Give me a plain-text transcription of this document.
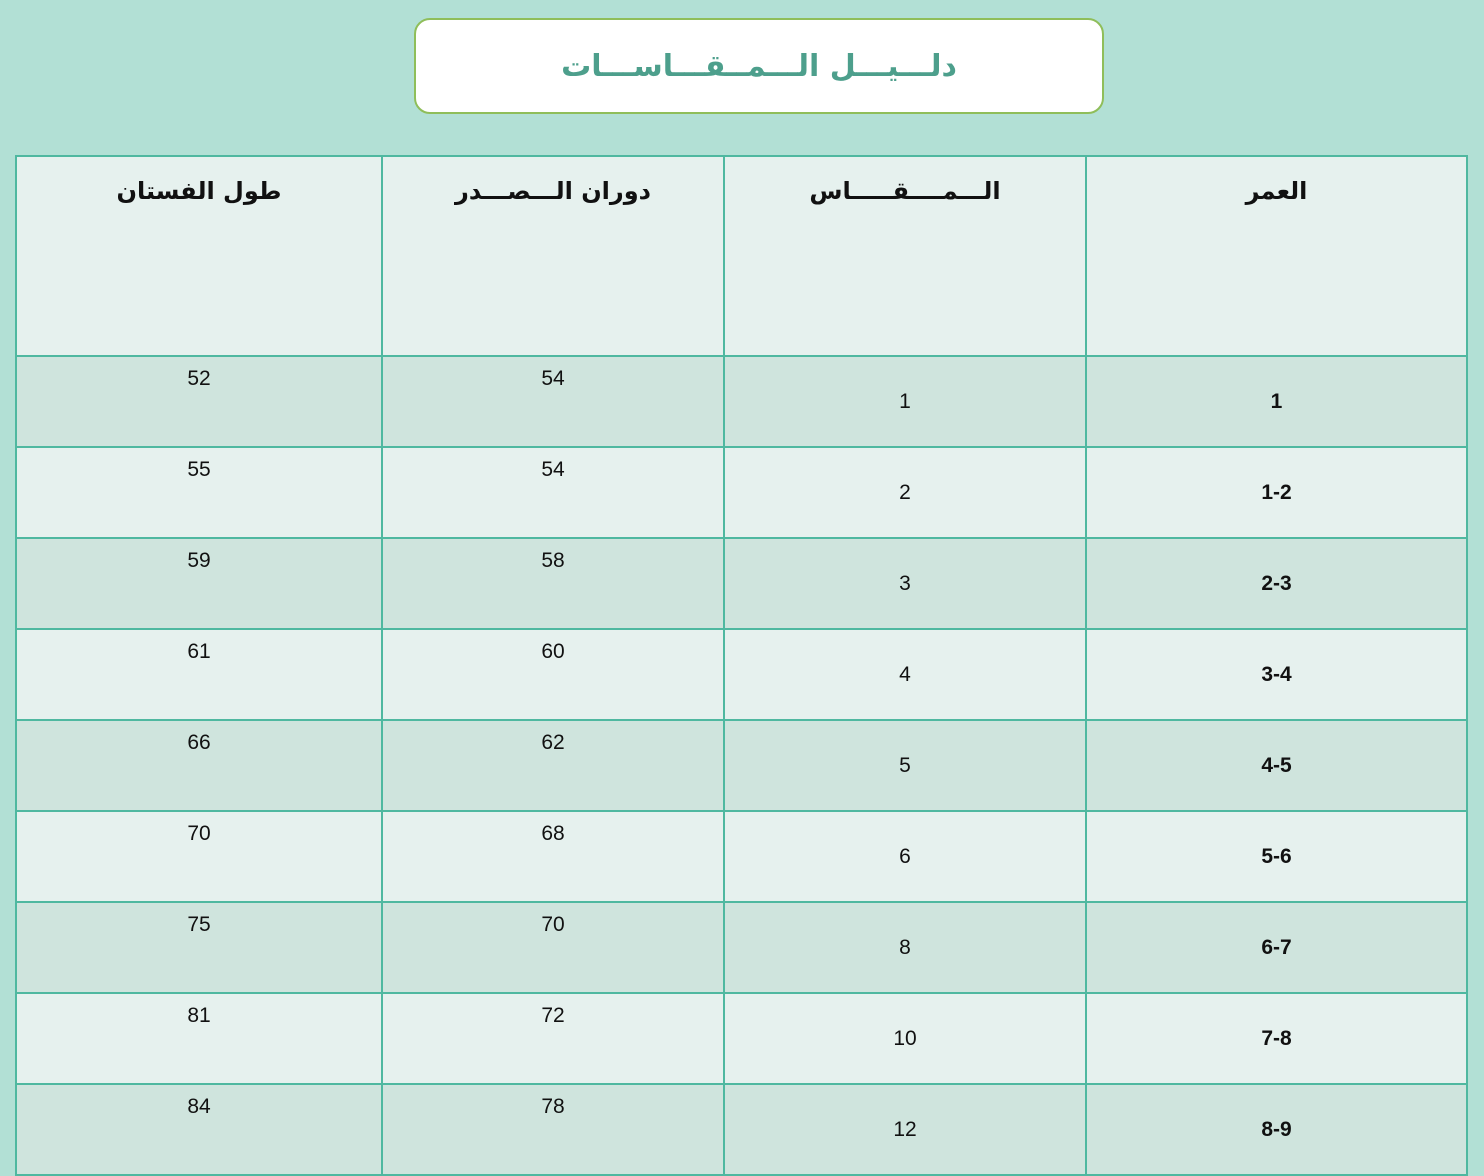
دلـــيـــل الـــمــقـــاســـات
العمر	الـــمــــقـــــاس	دوران الـــصـــدر	طول الفستان
1	1	54	52
1-2	2	54	55
2-3	3	58	59
3-4	4	60	61
4-5	5	62	66
5-6	6	68	70
6-7	8	70	75
7-8	10	72	81
8-9	12	78	84
